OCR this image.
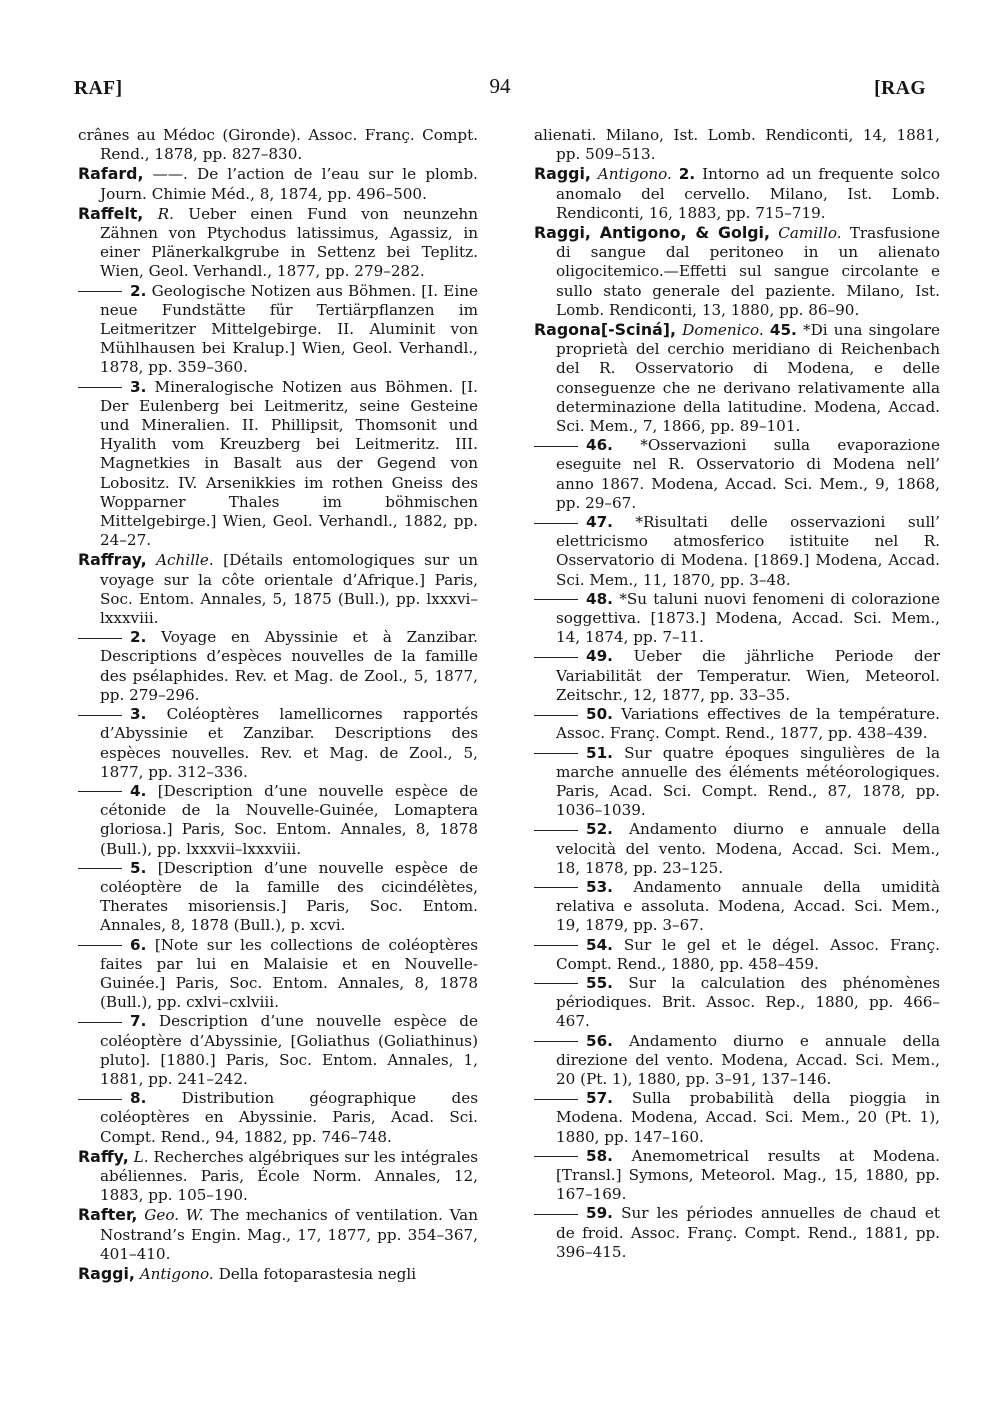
RAF]	94	[RAG

crânes au Médoc (Gironde). Assoc. Franç. Compt. Rend., 1878, pp. 827–830.

Rafard, ——. De l’action de l’eau sur le plomb. Journ. Chimie Méd., 8, 1874, pp. 496–500.

Raffelt, R. Ueber einen Fund von neunzehn Zähnen von Ptychodus latissimus, Agassiz, in einer Plänerkalkgrube in Settenz bei Teplitz. Wien, Geol. Verhandl., 1877, pp. 279–282.

2. Geologische Notizen aus Böhmen. [I. Eine neue Fundstätte für Tertiärpflanzen im Leitmeritzer Mittelgebirge. II. Aluminit von Mühlhausen bei Kralup.] Wien, Geol. Verhandl., 1878, pp. 359–360.

3. Mineralogische Notizen aus Böhmen. [I. Der Eulenberg bei Leitmeritz, seine Gesteine und Mineralien. II. Phillipsit, Thomsonit und Hyalith vom Kreuzberg bei Leitmeritz. III. Magnetkies in Basalt aus der Gegend von Lobositz. IV. Arsenikkies im rothen Gneiss des Wopparner Thales im böhmischen Mittelgebirge.] Wien, Geol. Verhandl., 1882, pp. 24–27.

Raffray, Achille. [Détails entomologiques sur un voyage sur la côte orientale d’Afrique.] Paris, Soc. Entom. Annales, 5, 1875 (Bull.), pp. lxxxvi–lxxxviii.

2. Voyage en Abyssinie et à Zanzibar. Descriptions d’espèces nouvelles de la famille des psélaphides. Rev. et Mag. de Zool., 5, 1877, pp. 279–296.

3. Coléoptères lamellicornes rapportés d’Abyssinie et Zanzibar. Descriptions des espèces nouvelles. Rev. et Mag. de Zool., 5, 1877, pp. 312–336.

4. [Description d’une nouvelle espèce de cétonide de la Nouvelle-Guinée, Lomaptera gloriosa.] Paris, Soc. Entom. Annales, 8, 1878 (Bull.), pp. lxxxvii–lxxxviii.

5. [Description d’une nouvelle espèce de coléoptère de la famille des cicindélètes, Therates misoriensis.] Paris, Soc. Entom. Annales, 8, 1878 (Bull.), p. xcvi.

6. [Note sur les collections de coléoptères faites par lui en Malaisie et en Nouvelle-Guinée.] Paris, Soc. Entom. Annales, 8, 1878 (Bull.), pp. cxlvi–cxlviii.

7. Description d’une nouvelle espèce de coléoptère d’Abyssinie, [Goliathus (Goliathinus) pluto]. [1880.] Paris, Soc. Entom. Annales, 1, 1881, pp. 241–242.

8. Distribution géographique des coléoptères en Abyssinie. Paris, Acad. Sci. Compt. Rend., 94, 1882, pp. 746–748.

Raffy, L. Recherches algébriques sur les intégrales abéliennes. Paris, École Norm. Annales, 12, 1883, pp. 105–190.

Rafter, Geo. W. The mechanics of ventilation. Van Nostrand’s Engin. Mag., 17, 1877, pp. 354–367, 401–410.

Raggi, Antigono. Della fotoparastesia negli

alienati. Milano, Ist. Lomb. Rendiconti, 14, 1881, pp. 509–513.

Raggi, Antigono. 2. Intorno ad un frequente solco anomalo del cervello. Milano, Ist. Lomb. Rendiconti, 16, 1883, pp. 715–719.

Raggi, Antigono, & Golgi, Camillo. Trasfusione di sangue dal peritoneo in un alienato oligocitemico.—Effetti sul sangue circolante e sullo stato generale del paziente. Milano, Ist. Lomb. Rendiconti, 13, 1880, pp. 86–90.

Ragona[-Sciná], Domenico. 45. *Di una singolare proprietà del cerchio meridiano di Reichenbach del R. Osservatorio di Modena, e delle conseguenze che ne derivano relativamente alla determinazione della latitudine. Modena, Accad. Sci. Mem., 7, 1866, pp. 89–101.

46. *Osservazioni sulla evaporazione eseguite nel R. Osservatorio di Modena nell’ anno 1867. Modena, Accad. Sci. Mem., 9, 1868, pp. 29–67.

47. *Risultati delle osservazioni sull’ elettricismo atmosferico istituite nel R. Osservatorio di Modena. [1869.] Modena, Accad. Sci. Mem., 11, 1870, pp. 3–48.

48. *Su taluni nuovi fenomeni di colorazione soggettiva. [1873.] Modena, Accad. Sci. Mem., 14, 1874, pp. 7–11.

49. Ueber die jährliche Periode der Variabilität der Temperatur. Wien, Meteorol. Zeitschr., 12, 1877, pp. 33–35.

50. Variations effectives de la température. Assoc. Franç. Compt. Rend., 1877, pp. 438–439.

51. Sur quatre époques singulières de la marche annuelle des éléments météorologiques. Paris, Acad. Sci. Compt. Rend., 87, 1878, pp. 1036–1039.

52. Andamento diurno e annuale della velocità del vento. Modena, Accad. Sci. Mem., 18, 1878, pp. 23–125.

53. Andamento annuale della umidità relativa e assoluta. Modena, Accad. Sci. Mem., 19, 1879, pp. 3–67.

54. Sur le gel et le dégel. Assoc. Franç. Compt. Rend., 1880, pp. 458–459.

55. Sur la calculation des phénomènes périodiques. Brit. Assoc. Rep., 1880, pp. 466–467.

56. Andamento diurno e annuale della direzione del vento. Modena, Accad. Sci. Mem., 20 (Pt. 1), 1880, pp. 3–91, 137–146.

57. Sulla probabilità della pioggia in Modena. Modena, Accad. Sci. Mem., 20 (Pt. 1), 1880, pp. 147–160.

58. Anemometrical results at Modena. [Transl.] Symons, Meteorol. Mag., 15, 1880, pp. 167–169.

59. Sur les périodes annuelles de chaud et de froid. Assoc. Franç. Compt. Rend., 1881, pp. 396–415.
